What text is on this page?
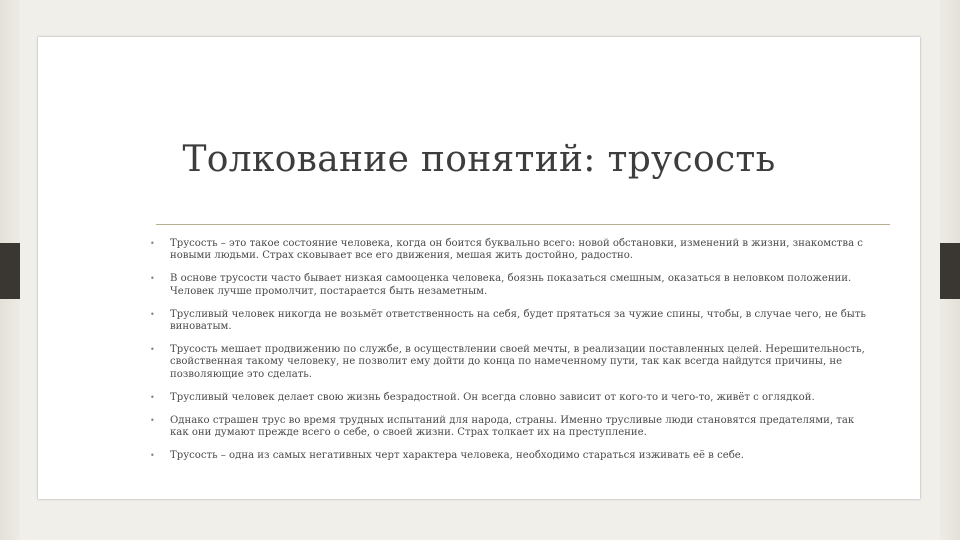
Толкование понятий: трусость
• Трусость – это такое состояние человека, когда он боится буквально всего: новой обстановки, изменений в жизни, знакомства с новыми людьми. Страх сковывает все его движения, мешая жить достойно, радостно.
• В основе трусости часто бывает низкая самооценка человека, боязнь показаться смешным, оказаться в неловком положении. Человек лучше промолчит, постарается быть незаметным.
• Трусливый человек никогда не возьмёт ответственность на себя, будет прятаться за чужие спины, чтобы, в случае чего, не быть виноватым.
• Трусость мешает продвижению по службе, в осуществлении своей мечты, в реализации поставленных целей. Нерешительность, свойственная такому человеку, не позволит ему дойти до конца по намеченному пути, так как всегда найдутся причины, не позволяющие это сделать.
• Трусливый человек делает свою жизнь безрадостной. Он всегда словно зависит от кого-то и чего-то, живёт с оглядкой.
• Однако страшен трус во время трудных испытаний для народа, страны. Именно трусливые люди становятся предателями, так как они думают прежде всего о себе, о своей жизни. Страх толкает их на преступление.
• Трусость – одна из самых негативных черт характера человека, необходимо стараться изживать её в себе.
